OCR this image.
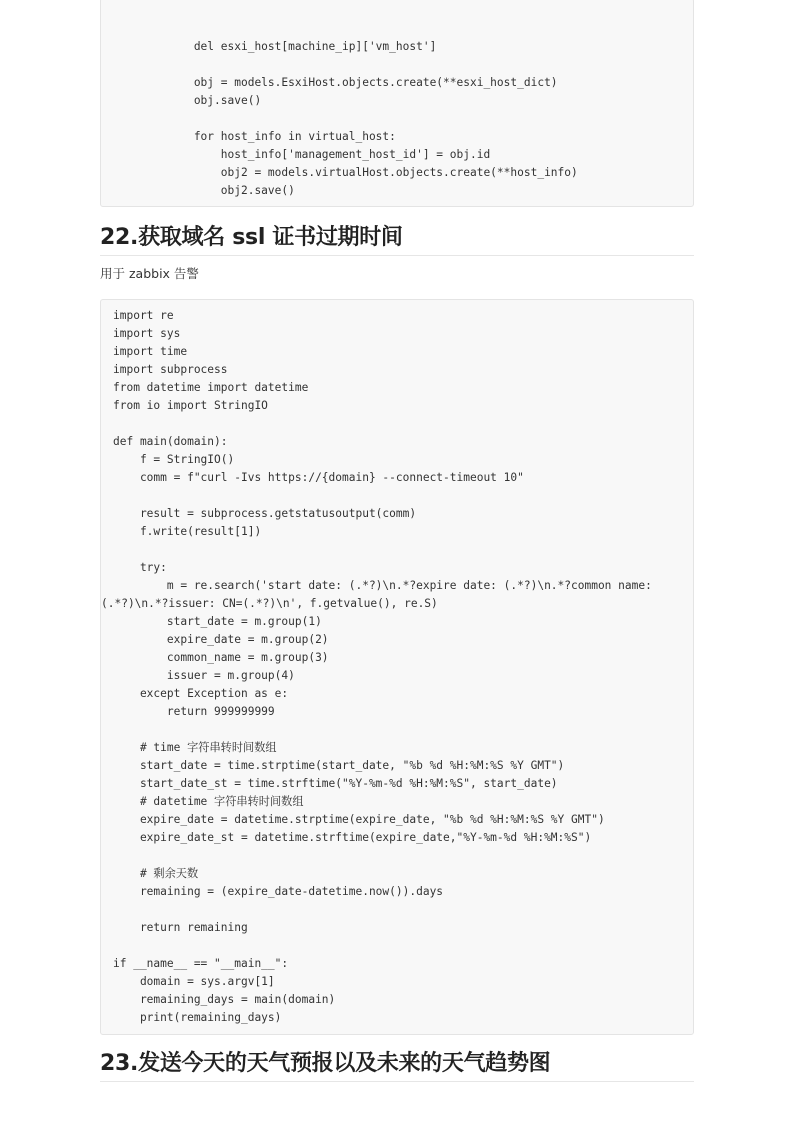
del esxi_host[machine_ip]['vm_host']

obj = models.EsxiHost.objects.create(**esxi_host_dict)
obj.save()

for host_info in virtual_host:
host_info['management_host_id'] = obj.id
obj2 = models.virtualHost.objects.create(**host_info)
obj2.save()
22.获取域名 ssl 证书过期时间

用于 zabbix 告警

import re
import sys
import time
import subprocess
from datetime import datetime
from io import StringIO

def main(domain):
f = StringIO()
comm = f"curl -Ivs https://{domain} --connect-timeout 10"

result = subprocess.getstatusoutput(comm)
f.write(result[1])

try:
m = re.search('start date: (.*?)\n.*?expire date: (.*?)\n.*?common name:
(.*?)\n.*?issuer: CN=(.*?)\n', f.getvalue(), re.S)
start_date = m.group(1)
expire_date = m.group(2)
common_name = m.group(3)
issuer = m.group(4)
except Exception as e:
return 999999999

# time 字符串转时间数组
start_date = time.strptime(start_date, "%b %d %H:%M:%S %Y GMT")
start_date_st = time.strftime("%Y-%m-%d %H:%M:%S", start_date)
# datetime 字符串转时间数组
expire_date = datetime.strptime(expire_date, "%b %d %H:%M:%S %Y GMT")
expire_date_st = datetime.strftime(expire_date,"%Y-%m-%d %H:%M:%S")

# 剩余天数
remaining = (expire_date-datetime.now()).days

return remaining

if __name__ == "__main__":
domain = sys.argv[1]
remaining_days = main(domain)
print(remaining_days)
23.发送今天的天气预报以及未来的天气趋势图
